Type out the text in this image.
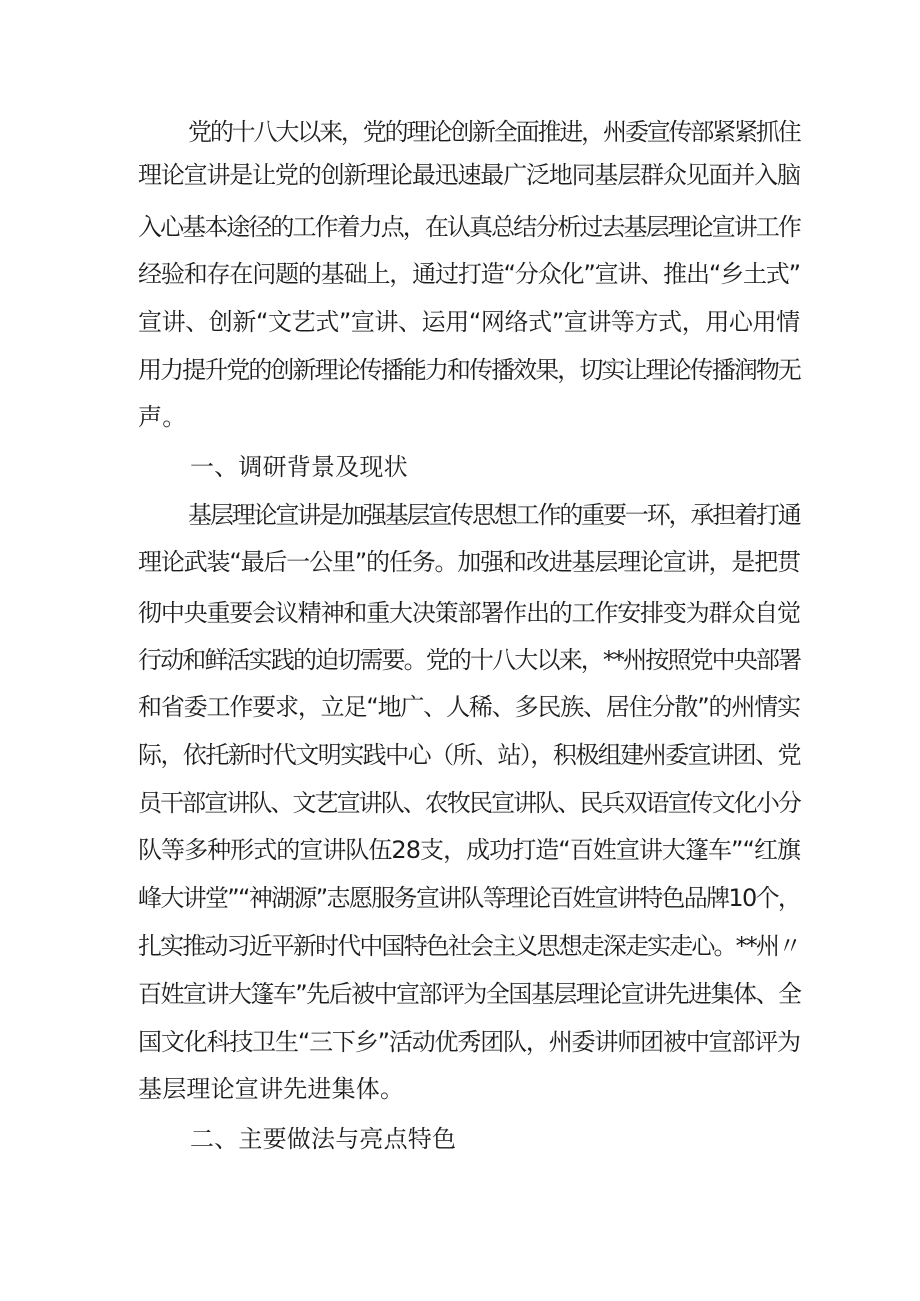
党的十八大以来，党的理论创新全面推进，州委宣传部紧紧抓住
理论宣讲是让党的创新理论最迅速最广泛地同基层群众见面并入脑
入心基本途径的工作着力点，在认真总结分析过去基层理论宣讲工作
经验和存在问题的基础上，通过打造“分众化”宣讲、推出“乡土式”
宣讲、创新“文艺式”宣讲、运用“网络式”宣讲等方式，用心用情
用力提升党的创新理论传播能力和传播效果，切实让理论传播润物无
声。
一、调研背景及现状
基层理论宣讲是加强基层宣传思想工作的重要一环，承担着打通
理论武装“最后一公里”的任务。加强和改进基层理论宣讲，是把贯
彻中央重要会议精神和重大决策部署作出的工作安排变为群众自觉
行动和鲜活实践的迫切需要。党的十八大以来，**州按照党中央部署
和省委工作要求，立足“地广、人稀、多民族、居住分散”的州情实
际，依托新时代文明实践中心（所、站），积极组建州委宣讲团、党
员干部宣讲队、文艺宣讲队、农牧民宣讲队、民兵双语宣传文化小分
队等多种形式的宣讲队伍28支，成功打造“百姓宣讲大篷车”“红旗
峰大讲堂”“神湖源”志愿服务宣讲队等理论百姓宣讲特色品牌10个，
扎实推动习近平新时代中国特色社会主义思想走深走实走心。**州〃
百姓宣讲大篷车”先后被中宣部评为全国基层理论宣讲先进集体、全
国文化科技卫生“三下乡”活动优秀团队，州委讲师团被中宣部评为
基层理论宣讲先进集体。
二、主要做法与亮点特色
